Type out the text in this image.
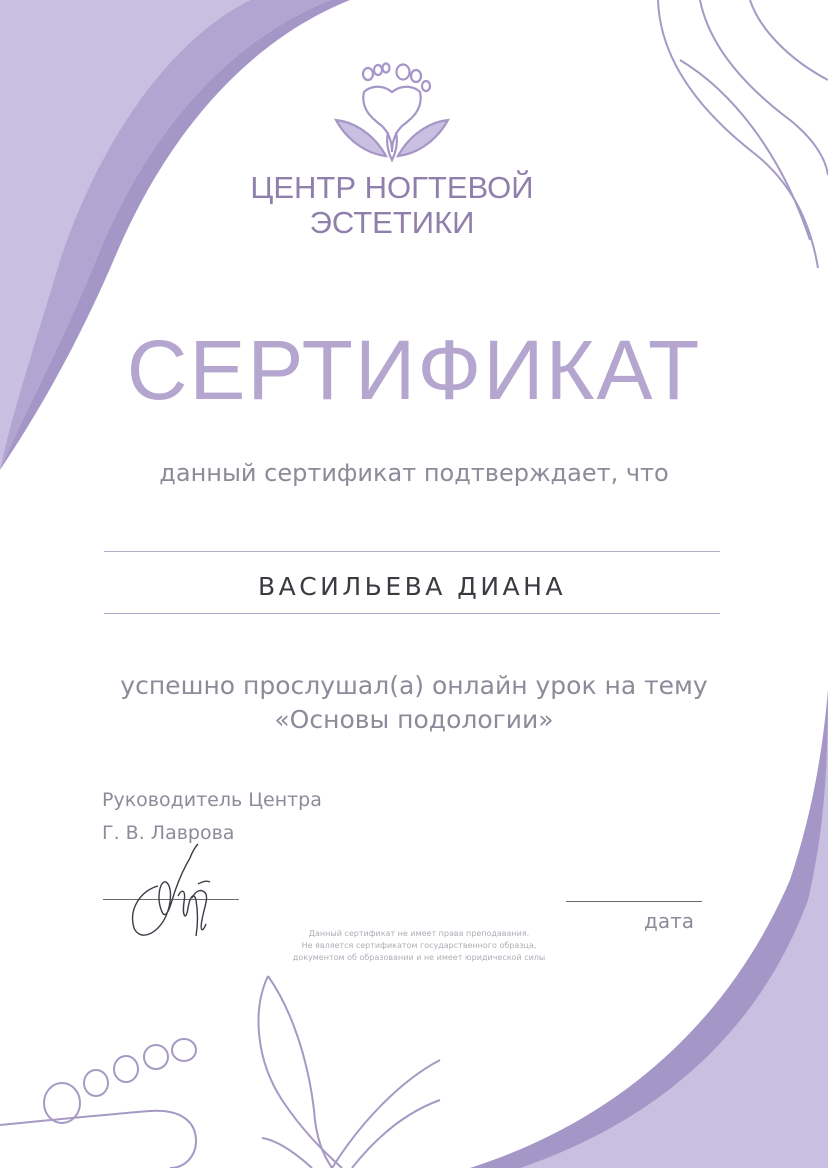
ЦЕНТР НОГТЕВОЙ
ЭСТЕТИКИ
СЕРТИФИКАТ
данный сертификат подтверждает, что
ВАСИЛЬЕВА ДИАНА
успешно прослушал(а) онлайн урок на тему
«Основы подологии»
Руководитель Центра
Г. В. Лаврова
дата
Данный сертификат не имеет права преподавания.
Не является сертификатом государственного образца,
документом об образовании и не имеет юридической силы
